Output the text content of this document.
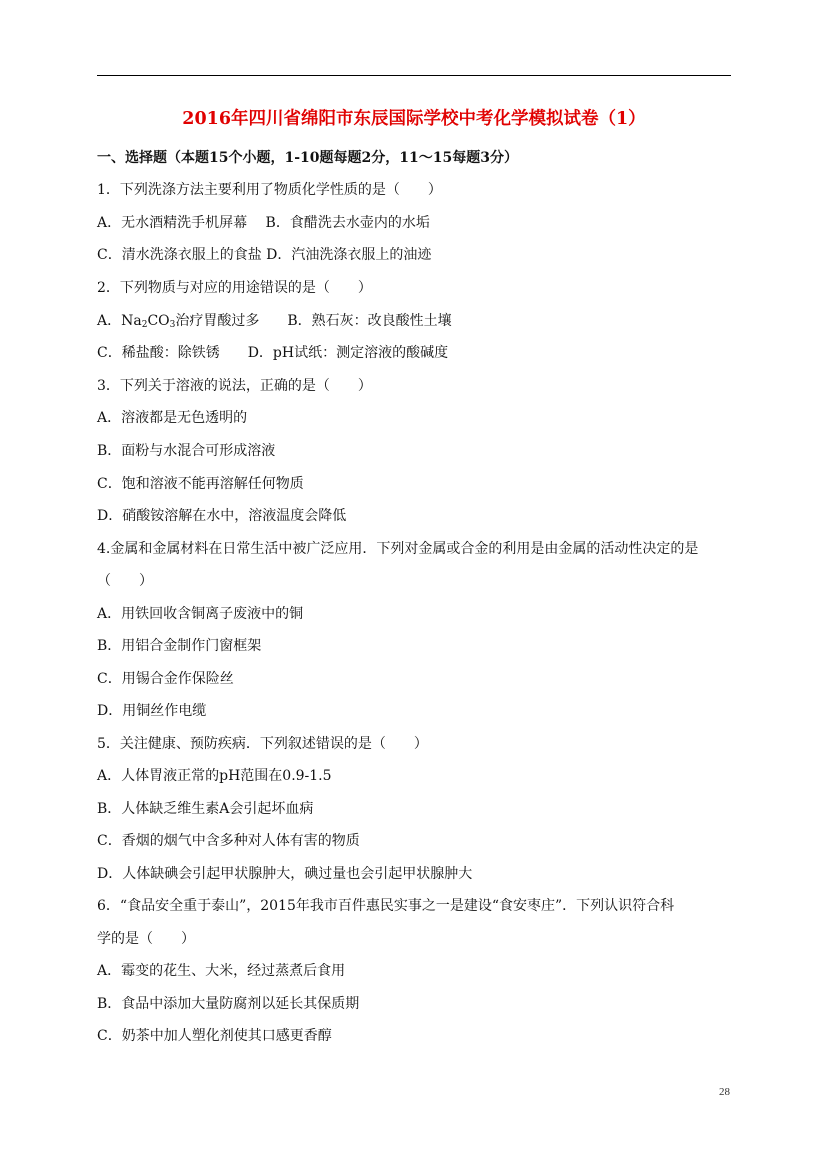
2016年四川省绵阳市东辰国际学校中考化学模拟试卷（1）
一、选择题（本题15个小题，1-10题每题2分，11～15每题3分）
1．下列洗涤方法主要利用了物质化学性质的是（　　）
A．无水酒精洗手机屏幕　 B．食醋洗去水壶内的水垢
C．清水洗涤衣服上的食盐 D．汽油洗涤衣服上的油迹
2．下列物质与对应的用途错误的是（　　）
A．$Na_2CO_3$治疗胃酸过多　　B．熟石灰：改良酸性土壤
C．稀盐酸：除铁锈　　D．pH试纸：测定溶液的酸碱度
3．下列关于溶液的说法，正确的是（　　）
A．溶液都是无色透明的
B．面粉与水混合可形成溶液
C．饱和溶液不能再溶解任何物质
D．硝酸铵溶解在水中，溶液温度会降低
4.金属和金属材料在日常生活中被广泛应用．下列对金属或合金的利用是由金属的活动性决定的是
（　　）
A．用铁回收含铜离子废液中的铜
B．用铝合金制作门窗框架
C．用锡合金作保险丝
D．用铜丝作电缆
5．关注健康、预防疾病．下列叙述错误的是（　　）
A．人体胃液正常的pH范围在0.9-1.5
B．人体缺乏维生素A会引起坏血病
C．香烟的烟气中含多种对人体有害的物质
D．人体缺碘会引起甲状腺肿大，碘过量也会引起甲状腺肿大
6．“食品安全重于泰山”，2015年我市百件惠民实事之一是建设“食安枣庄”．下列认识符合科
学的是（　　）
A．霉变的花生、大米，经过蒸煮后食用
B．食品中添加大量防腐剂以延长其保质期
C．奶茶中加人塑化剂使其口感更香醇
28
